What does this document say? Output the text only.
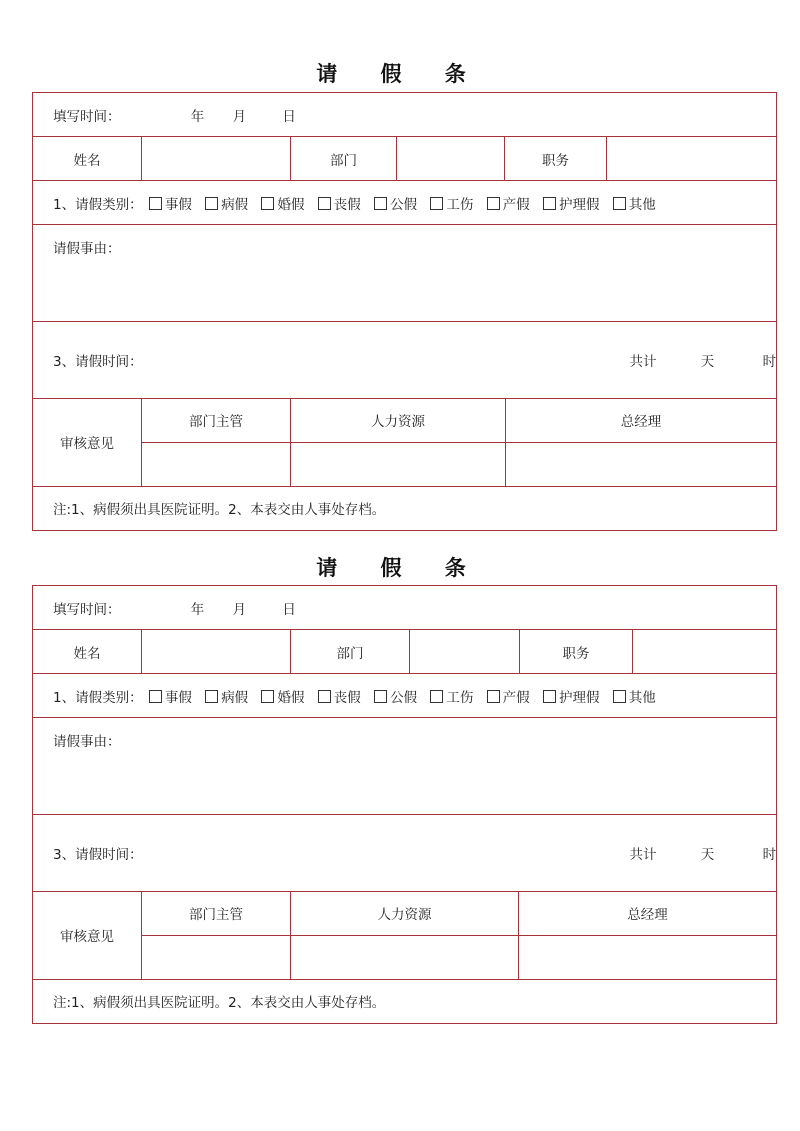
请 假 条
填写时间：	年 月	日
姓名		部门		职务	
1、请假类别： 事假 病假 婚假 丧假 公假 工伤 产假 护理假 其他
请假事由：
3、请假时间：	共计	天	时
审核意见	部门主管	人力资源	总经理

注:1、病假须出具医院证明。2、本表交由人事处存档。			
请 假 条
填写时间：	年 月	日
姓名		部门		职务	
1、请假类别： 事假 病假 婚假 丧假 公假 工伤 产假 护理假 其他
请假事由：
3、请假时间：	共计	天	时
审核意见	部门主管	人力资源	总经理

注:1、病假须出具医院证明。2、本表交由人事处存档。			
